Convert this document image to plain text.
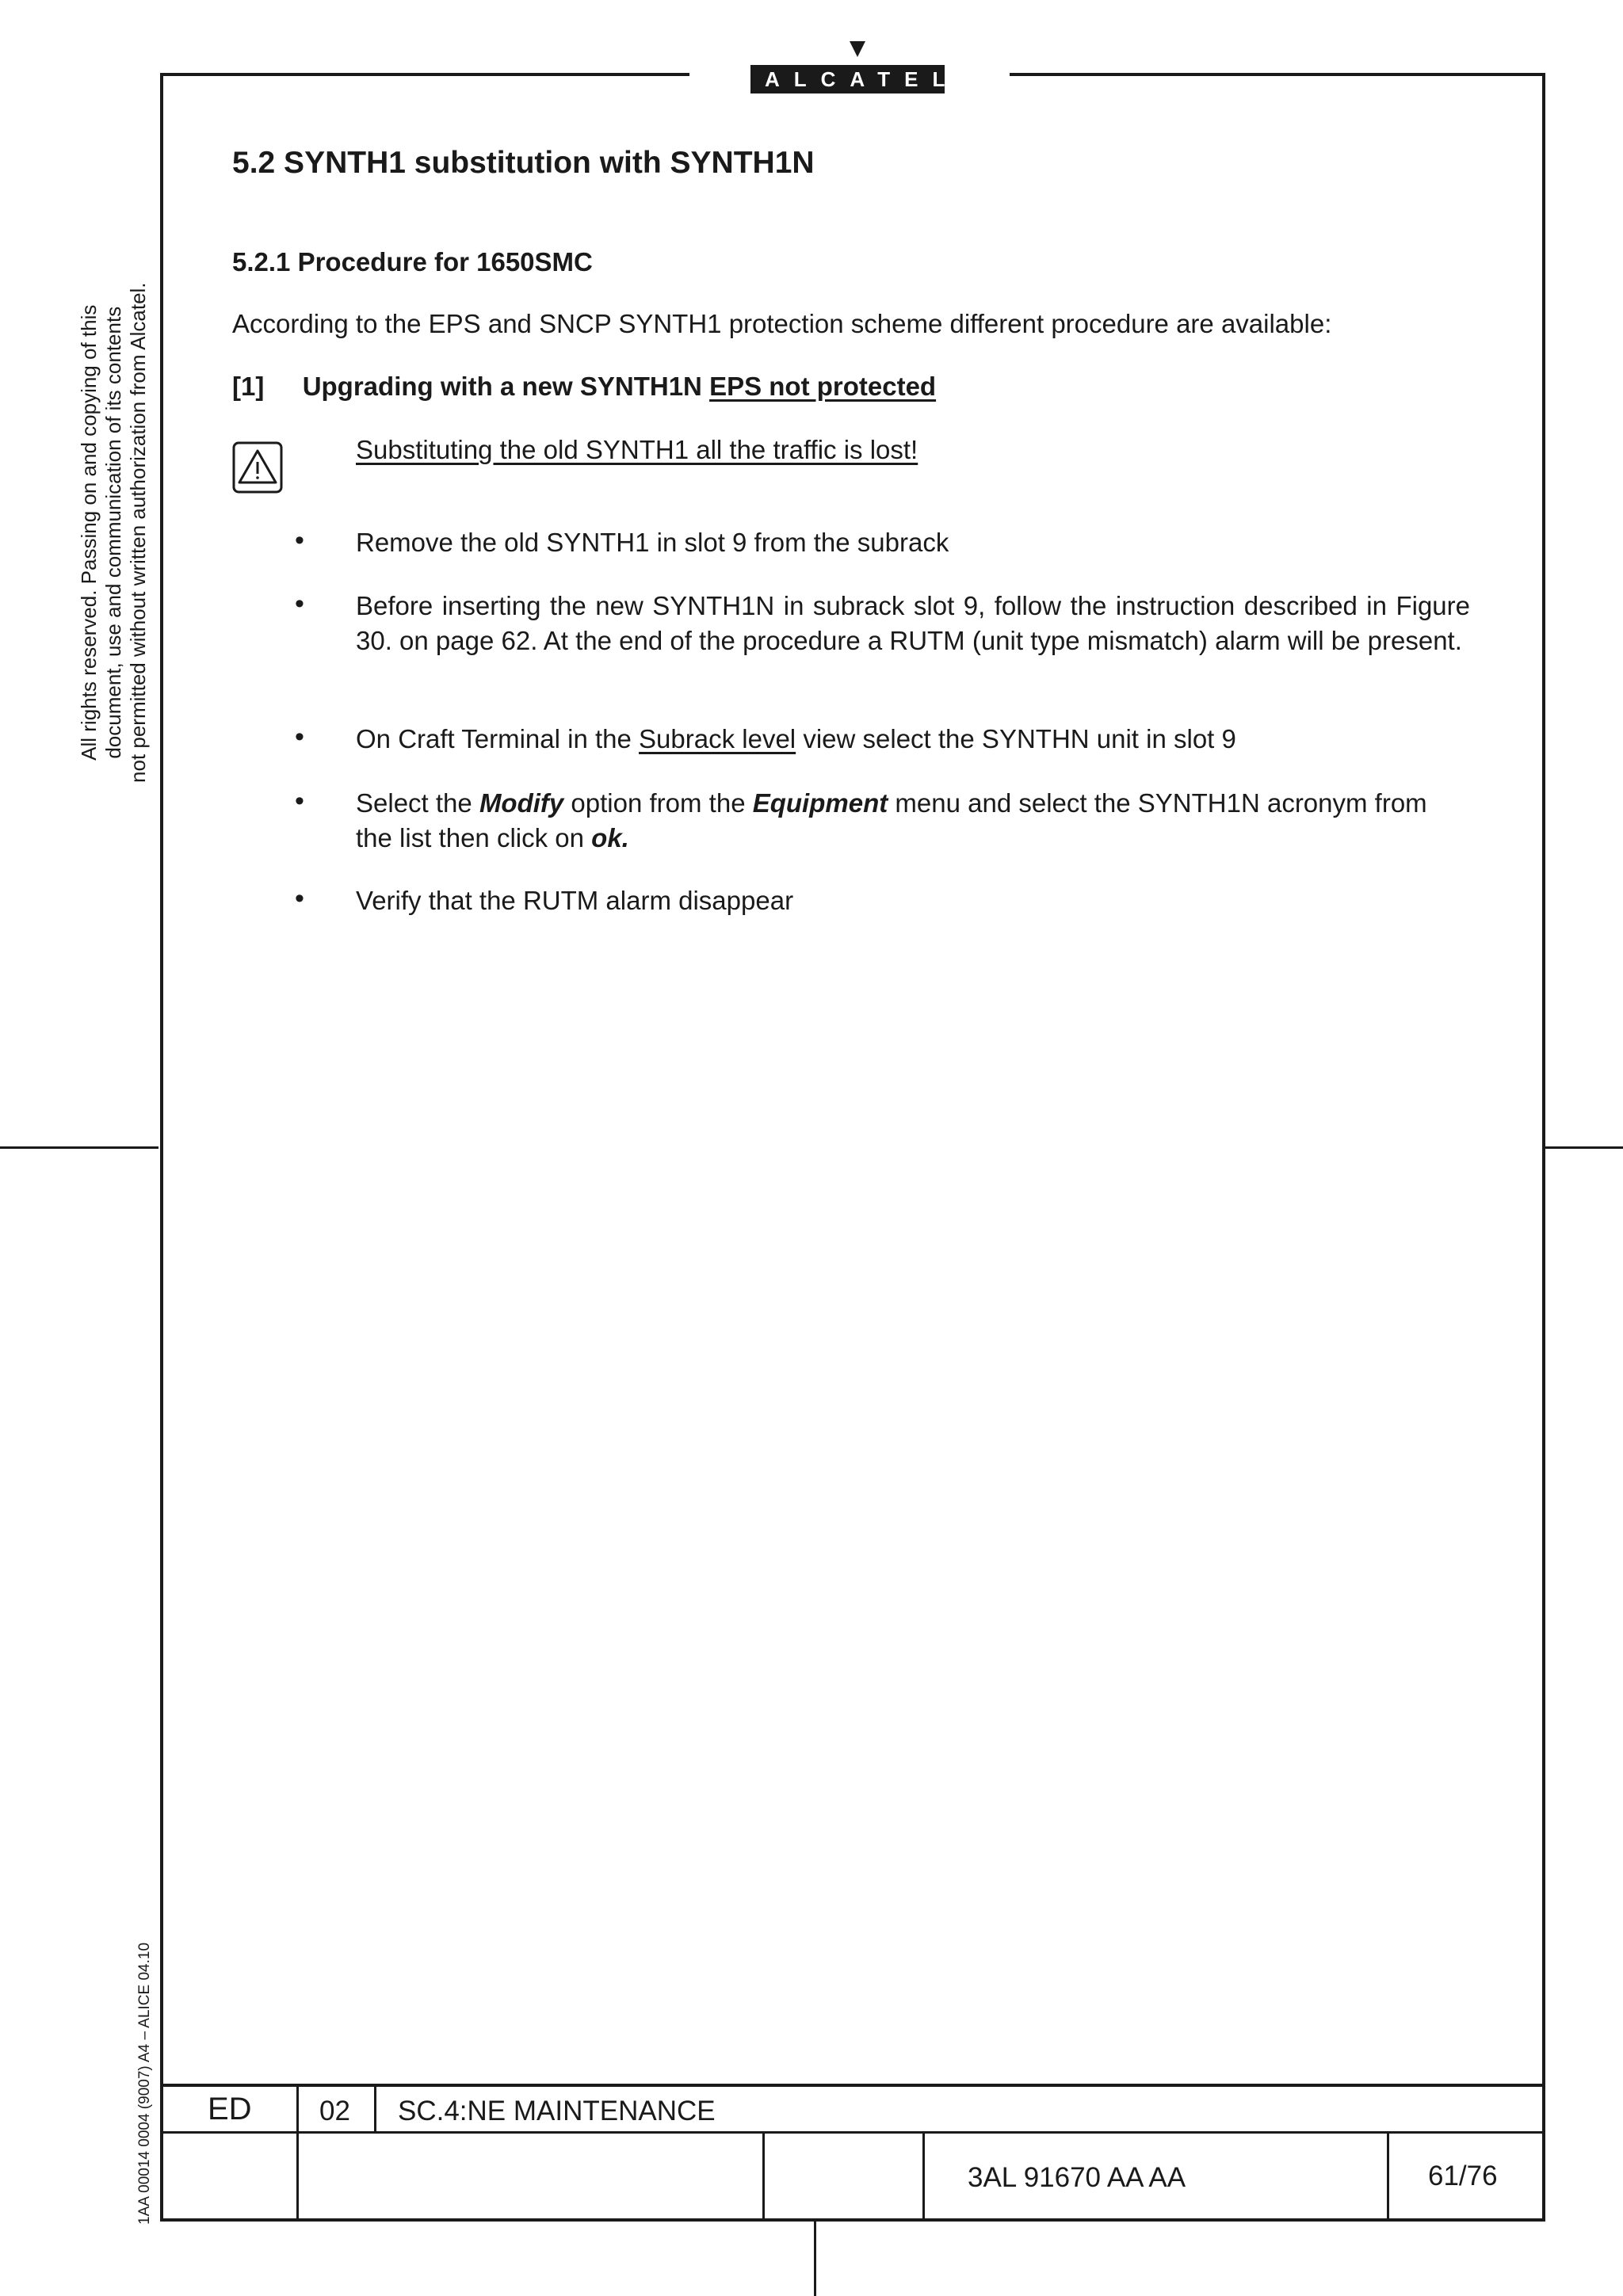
ALCATEL
All rights reserved. Passing on and copying of this document, use and communication of its contents not permitted without written authorization from Alcatel.
1AA 00014 0004 (9007) A4 – ALICE 04.10
5.2 SYNTH1 substitution with SYNTH1N
5.2.1 Procedure for 1650SMC
According to the EPS and SNCP SYNTH1 protection scheme different procedure are available:
[1] Upgrading with a new SYNTH1N EPS not protected
Substituting the old SYNTH1 all the traffic is lost!
• Remove the old SYNTH1 in slot 9 from the subrack
• Before inserting the new SYNTH1N in subrack slot 9, follow the instruction described in Figure 30. on page 62. At the end of the procedure a RUTM (unit type mismatch) alarm will be present.
• On Craft Terminal in the Subrack level view select the SYNTHN unit in slot 9
• Select the Modify option from the Equipment menu and select the SYNTH1N acronym from the list then click on ok.
• Verify that the RUTM alarm disappear
ED 02 SC.4:NE MAINTENANCE
3AL 91670 AA AA	61/76
